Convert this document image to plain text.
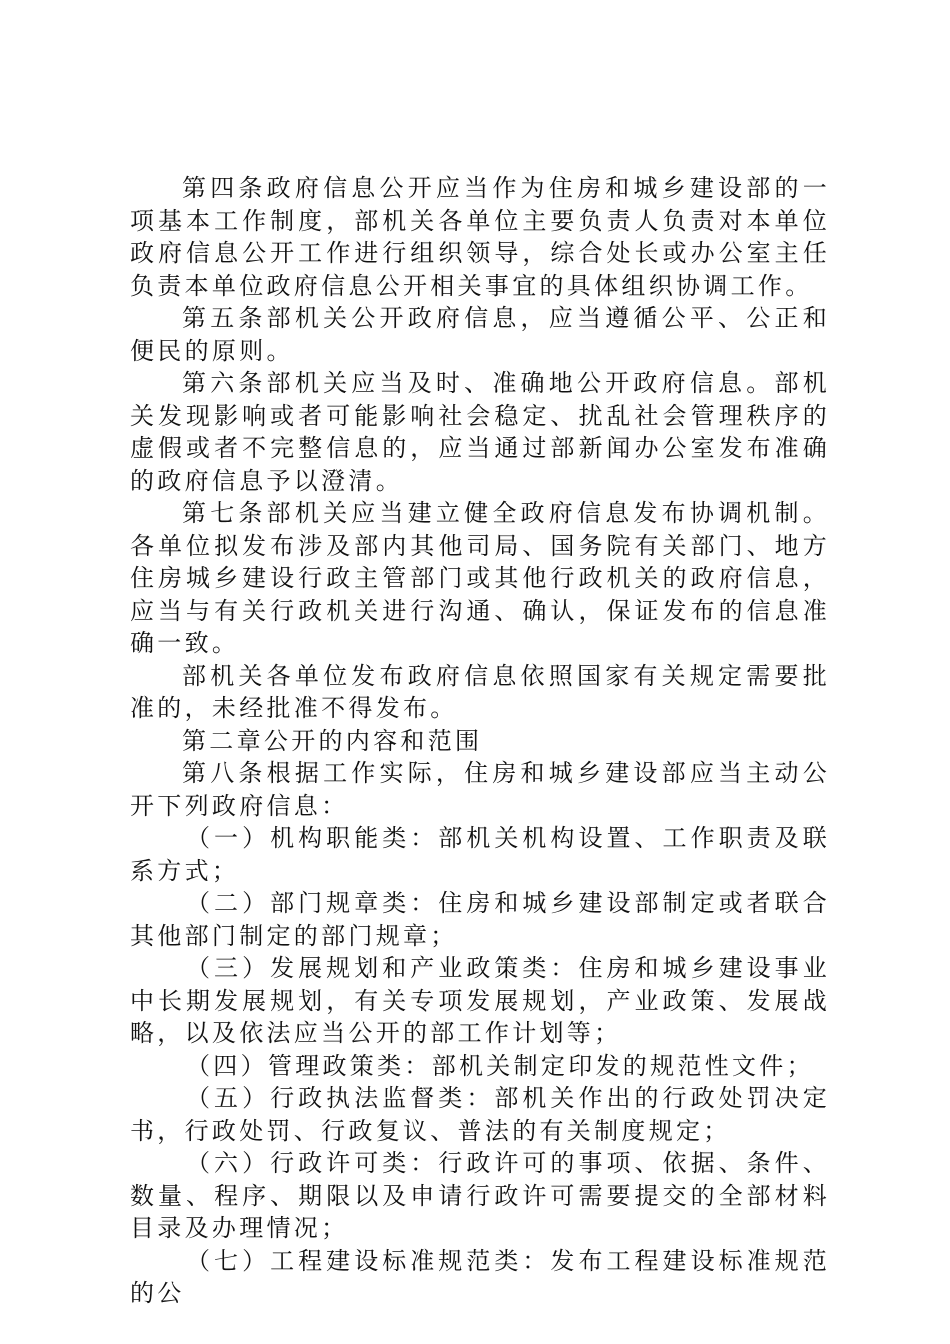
第四条政府信息公开应当作为住房和城乡建设部的一项基本工作制度，部机关各单位主要负责人负责对本单位政府信息公开工作进行组织领导，综合处长或办公室主任负责本单位政府信息公开相关事宜的具体组织协调工作。

第五条部机关公开政府信息，应当遵循公平、公正和便民的原则。

第六条部机关应当及时、准确地公开政府信息。部机关发现影响或者可能影响社会稳定、扰乱社会管理秩序的虚假或者不完整信息的，应当通过部新闻办公室发布准确的政府信息予以澄清。

第七条部机关应当建立健全政府信息发布协调机制。各单位拟发布涉及部内其他司局、国务院有关部门、地方住房城乡建设行政主管部门或其他行政机关的政府信息，应当与有关行政机关进行沟通、确认，保证发布的信息准确一致。

部机关各单位发布政府信息依照国家有关规定需要批准的，未经批准不得发布。

第二章公开的内容和范围

第八条根据工作实际，住房和城乡建设部应当主动公开下列政府信息：

（一）机构职能类：部机关机构设置、工作职责及联系方式；

（二）部门规章类：住房和城乡建设部制定或者联合其他部门制定的部门规章；

（三）发展规划和产业政策类：住房和城乡建设事业中长期发展规划，有关专项发展规划，产业政策、发展战略，以及依法应当公开的部工作计划等；

（四）管理政策类：部机关制定印发的规范性文件；

（五）行政执法监督类：部机关作出的行政处罚决定书，行政处罚、行政复议、普法的有关制度规定；

（六）行政许可类：行政许可的事项、依据、条件、数量、程序、期限以及申请行政许可需要提交的全部材料目录及办理情况；

（七）工程建设标准规范类：发布工程建设标准规范的公
